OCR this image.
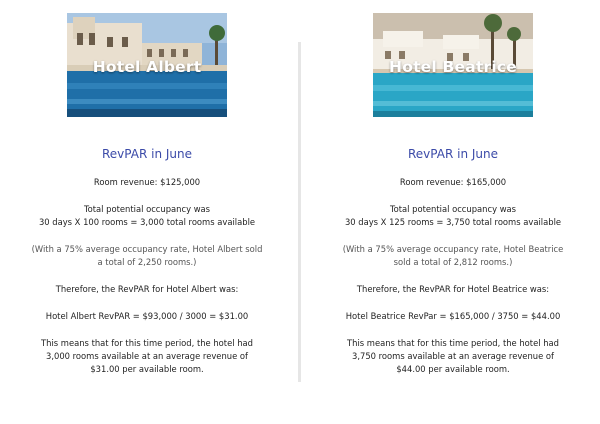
Hotel Albert
RevPAR in June

Room revenue: $125,000

Total potential occupancy was

30 days X 100 rooms = 3,000 total rooms available

(With a 75% average occupancy rate, Hotel Albert sold

a total of 2,250 rooms.)

Therefore, the RevPAR for Hotel Albert was:

Hotel Albert RevPAR = $93,000 / 3000 = $31.00

This means that for this time period, the hotel had

3,000 rooms available at an average revenue of

$31.00 per available room.

Hotel Beatrice
RevPAR in June

Room revenue: $165,000

Total potential occupancy was

30 days X 125 rooms = 3,750 total rooms available

(With a 75% average occupancy rate, Hotel Beatrice

sold a total of 2,812 rooms.)

Therefore, the RevPAR for Hotel Beatrice was:

Hotel Beatrice RevPar = $165,000 / 3750 = $44.00

This means that for this time period, the hotel had

3,750 rooms available at an average revenue of

$44.00 per available room.
